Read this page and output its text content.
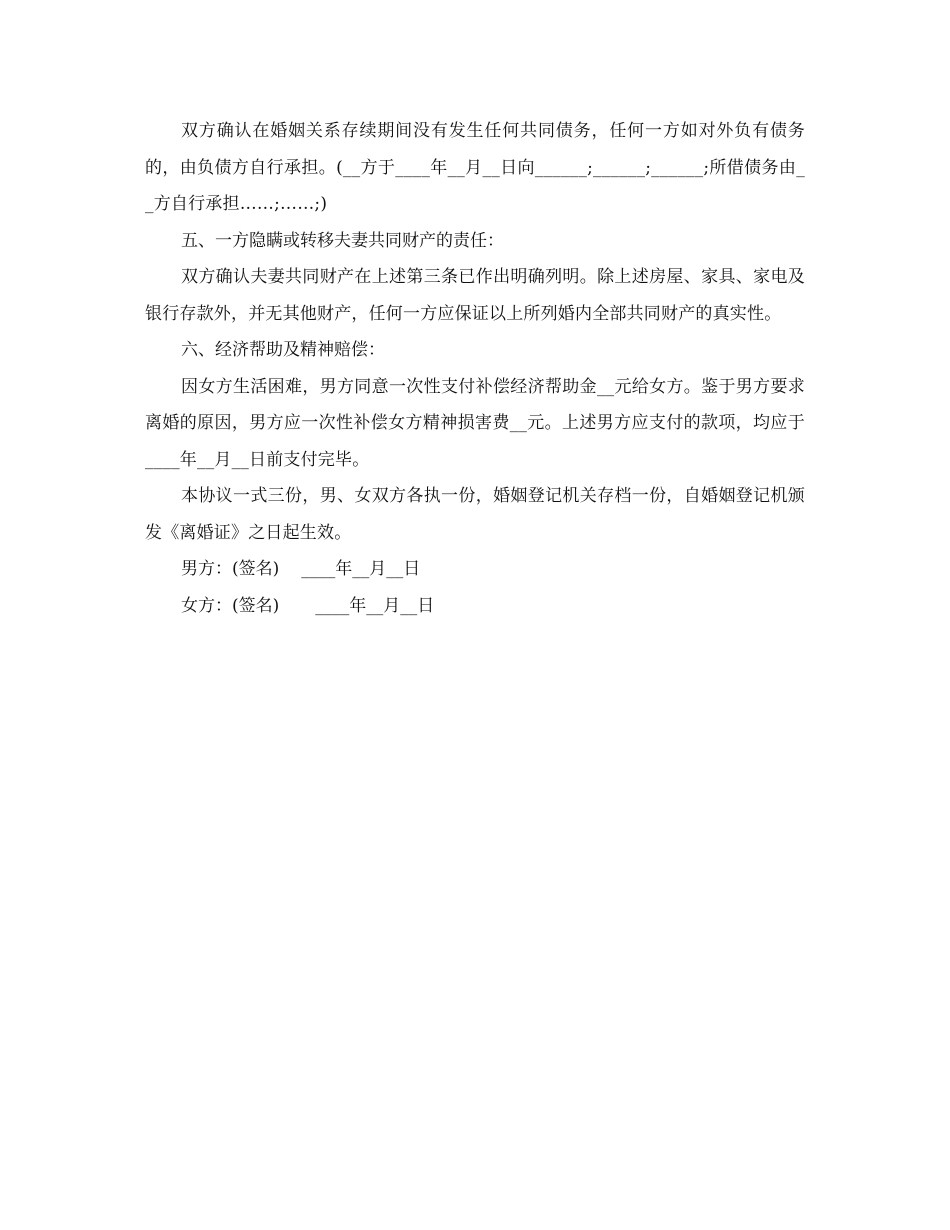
双方确认在婚姻关系存续期间没有发生任何共同债务，任何一方如对外负有债务的，由负债方自行承担。(__方于____年__月__日向______;______;______;所借债务由__方自行承担……;……;)

五、一方隐瞒或转移夫妻共同财产的责任：

双方确认夫妻共同财产在上述第三条已作出明确列明。除上述房屋、家具、家电及银行存款外，并无其他财产，任何一方应保证以上所列婚内全部共同财产的真实性。

六、经济帮助及精神赔偿：

因女方生活困难，男方同意一次性支付补偿经济帮助金__元给女方。鉴于男方要求离婚的原因，男方应一次性补偿女方精神损害费__元。上述男方应支付的款项，均应于____年__月__日前支付完毕。

本协议一式三份，男、女双方各执一份，婚姻登记机关存档一份，自婚姻登记机颁发《离婚证》之日起生效。

男方：(签名) ____年__月__日

女方：(签名) ____年__月__日
